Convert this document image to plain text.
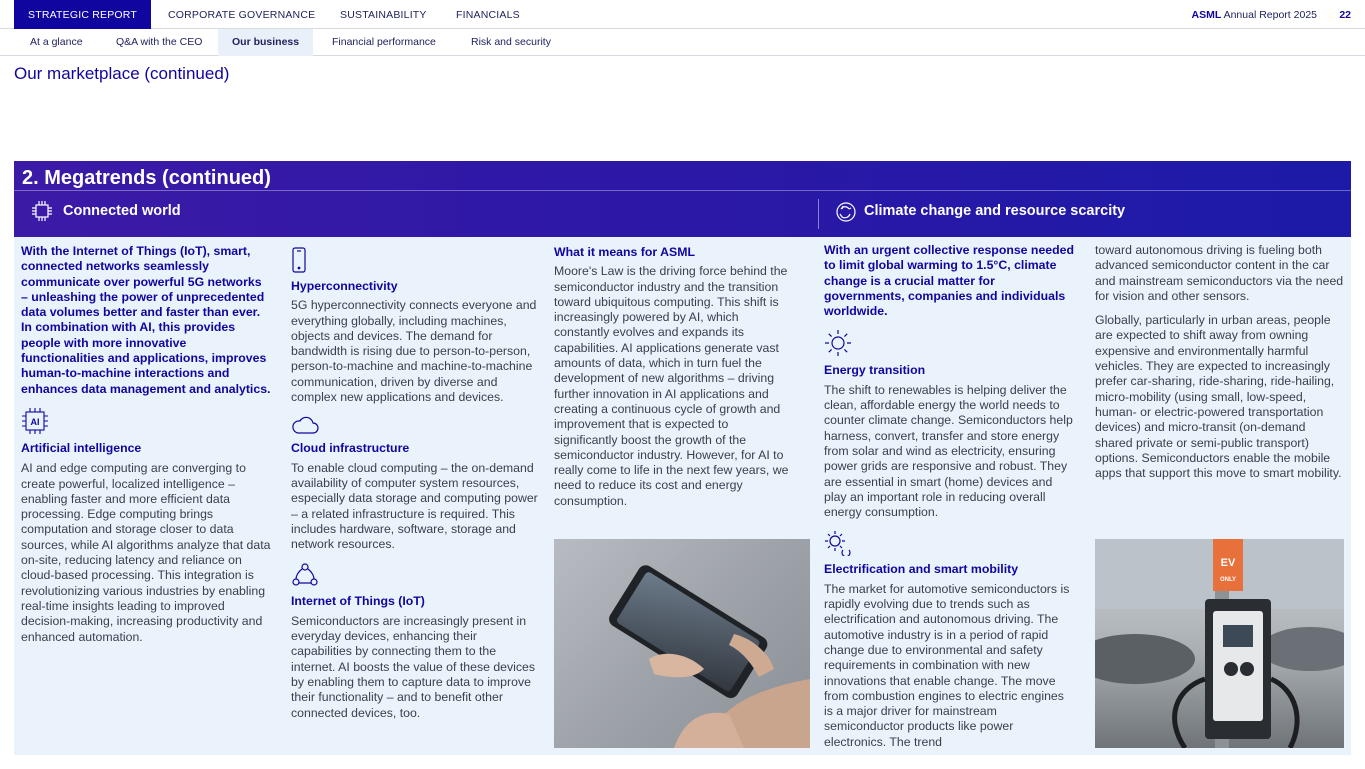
STRATEGIC REPORT	CORPORATE GOVERNANCE SUSTAINABILITY	FINANCIALS	ASML Annual Report 2025 22
At a glance	Q&A with the CEO	Our business	Financial performance	Risk and security
Our marketplace (continued)
2. Megatrends (continued)
Connected world	Climate change and resource scarcity

With the Internet of Things (IoT), smart, connected networks seamlessly communicate over powerful 5G networks – unleashing the power of unprecedented data volumes better and faster than ever. In combination with AI, this provides people with more innovative functionalities and applications, improves human-to-machine interactions and enhances data management and analytics.

AI
Artificial intelligence

AI and edge computing are converging to create powerful, localized intelligence – enabling faster and more efficient data processing. Edge computing brings computation and storage closer to data sources, while AI algorithms analyze that data on-site, reducing latency and reliance on cloud-based processing. This integration is revolutionizing various industries by enabling real-time insights leading to improved decision-making, increasing productivity and enhanced automation.

Hyperconnectivity

5G hyperconnectivity connects everyone and everything globally, including machines, objects and devices. The demand for bandwidth is rising due to person-to-person, person-to-machine and machine-to-machine communication, driven by diverse and complex new applications and devices.

Cloud infrastructure

To enable cloud computing – the on-demand availability of computer system resources, especially data storage and computing power – a related infrastructure is required. This includes hardware, software, storage and network resources.

Internet of Things (IoT)

Semiconductors are increasingly present in everyday devices, enhancing their capabilities by connecting them to the internet. AI boosts the value of these devices by enabling them to capture data to improve their functionality – and to benefit other connected devices, too.

What it means for ASML

Moore's Law is the driving force behind the semiconductor industry and the transition toward ubiquitous computing. This shift is increasingly powered by AI, which constantly evolves and expands its capabilities. AI applications generate vast amounts of data, which in turn fuel the development of new algorithms – driving further innovation in AI applications and creating a continuous cycle of growth and improvement that is expected to significantly boost the growth of the semiconductor industry. However, for AI to really come to life in the next few years, we need to reduce its cost and energy consumption.

With an urgent collective response needed to limit global warming to 1.5°C, climate change is a crucial matter for governments, companies and individuals worldwide.

Energy transition

The shift to renewables is helping deliver the clean, affordable energy the world needs to counter climate change. Semiconductors help harness, convert, transfer and store energy from solar and wind as electricity, ensuring power grids are responsive and robust. They are essential in smart (home) devices and play an important role in reducing overall energy consumption.

Electrification and smart mobility

The market for automotive semiconductors is rapidly evolving due to trends such as electrification and autonomous driving. The automotive industry is in a period of rapid change due to environmental and safety requirements in combination with new innovations that enable change. The move from combustion engines to electric engines is a major driver for mainstream semiconductor products like power electronics. The trend

toward autonomous driving is fueling both advanced semiconductor content in the car and mainstream semiconductors via the need for vision and other sensors.

Globally, particularly in urban areas, people are expected to shift away from owning expensive and environmentally harmful vehicles. They are expected to increasingly prefer car-sharing, ride-sharing, ride-hailing, micro-mobility (using small, low-speed, human- or electric-powered transportation devices) and micro-transit (on-demand shared private or semi-public transport) options. Semiconductors enable the mobile apps that support this move to smart mobility.

EV
ONLY
